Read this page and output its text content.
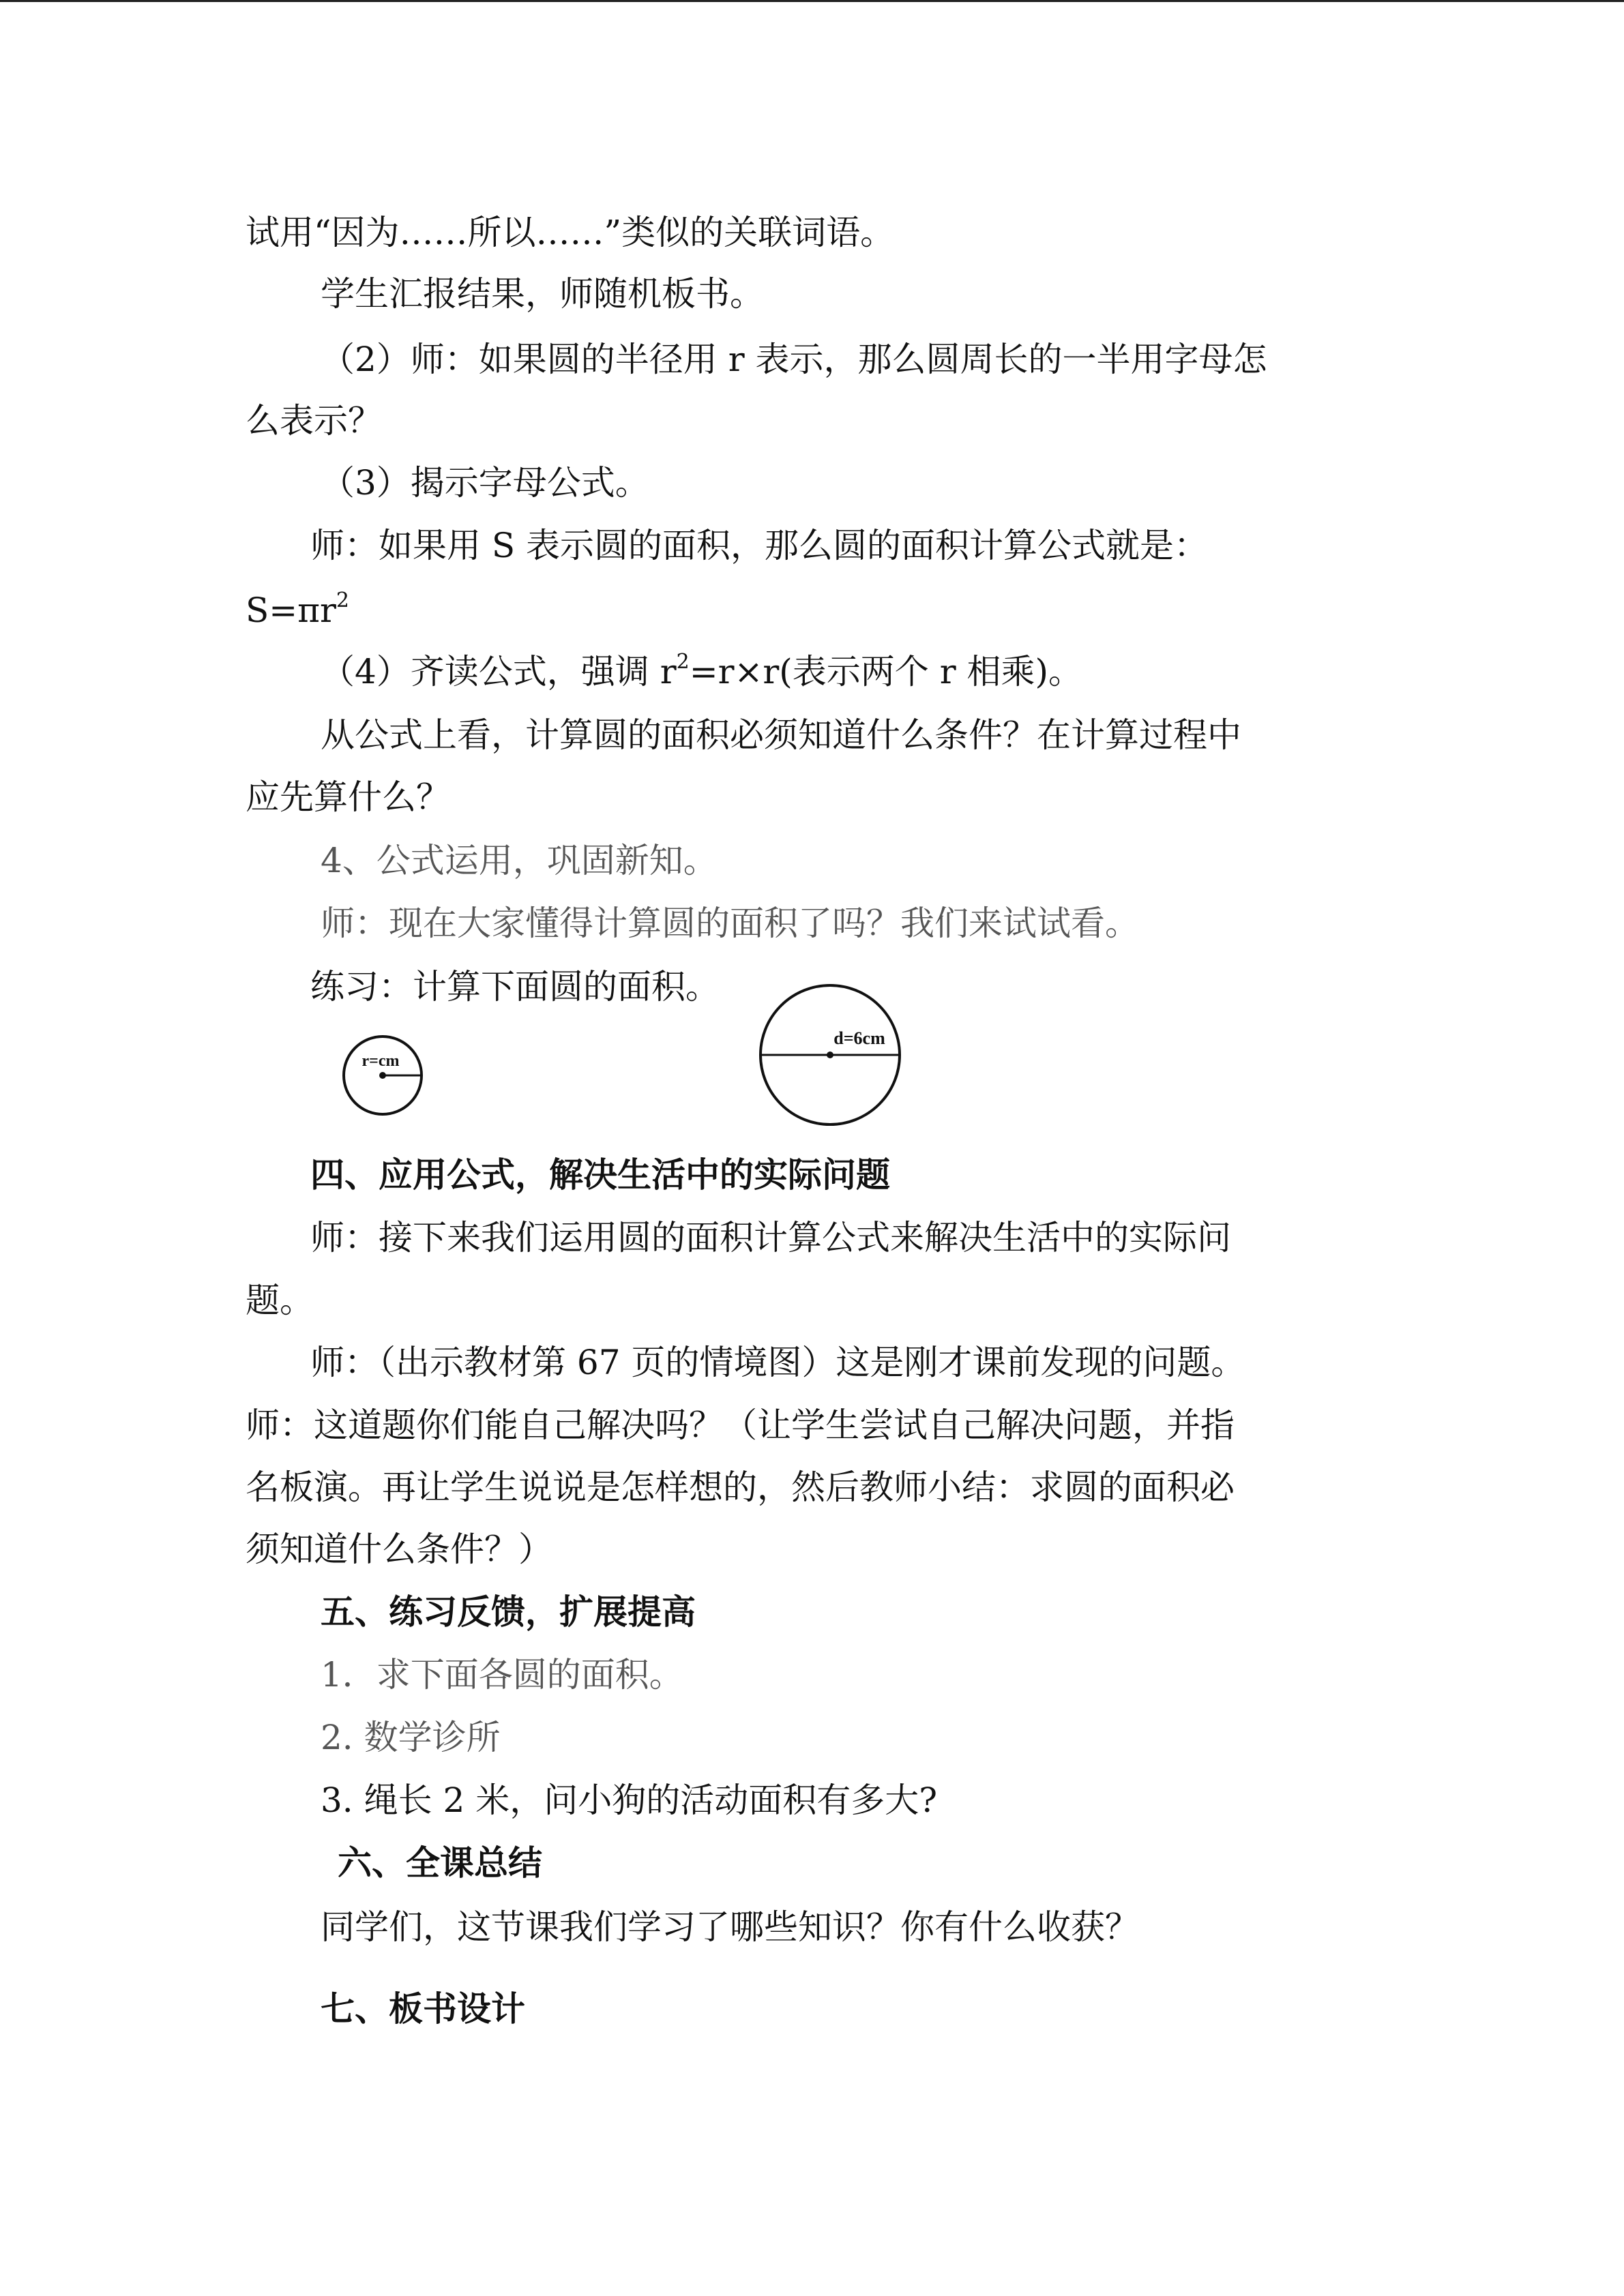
试用“因为……所以……”类似的关联词语。

学生汇报结果，师随机板书。

（2）师：如果圆的半径用 r 表示，那么圆周长的一半用字母怎

么表示？

（3）揭示字母公式。

师：如果用 S 表示圆的面积，那么圆的面积计算公式就是：

$S=\pi r^2$

（4）齐读公式，强调 $r^2=r\times r$(表示两个 r 相乘)。

从公式上看，计算圆的面积必须知道什么条件？在计算过程中

应先算什么？

4、公式运用，巩固新知。

师：现在大家懂得计算圆的面积了吗？我们来试试看。

练习：计算下面圆的面积。

r=cm
d=6cm

四、应用公式，解决生活中的实际问题

师：接下来我们运用圆的面积计算公式来解决生活中的实际问

题。

师：（出示教材第 67 页的情境图）这是刚才课前发现的问题。

师：这道题你们能自己解决吗？（让学生尝试自己解决问题，并指

名板演。再让学生说说是怎样想的，然后教师小结：求圆的面积必

须知道什么条件？）

五、练习反馈，扩展提高

1．求下面各圆的面积。

2. 数学诊所

3. 绳长 2 米，问小狗的活动面积有多大?

六、全课总结

同学们，这节课我们学习了哪些知识？你有什么收获？

七、板书设计
